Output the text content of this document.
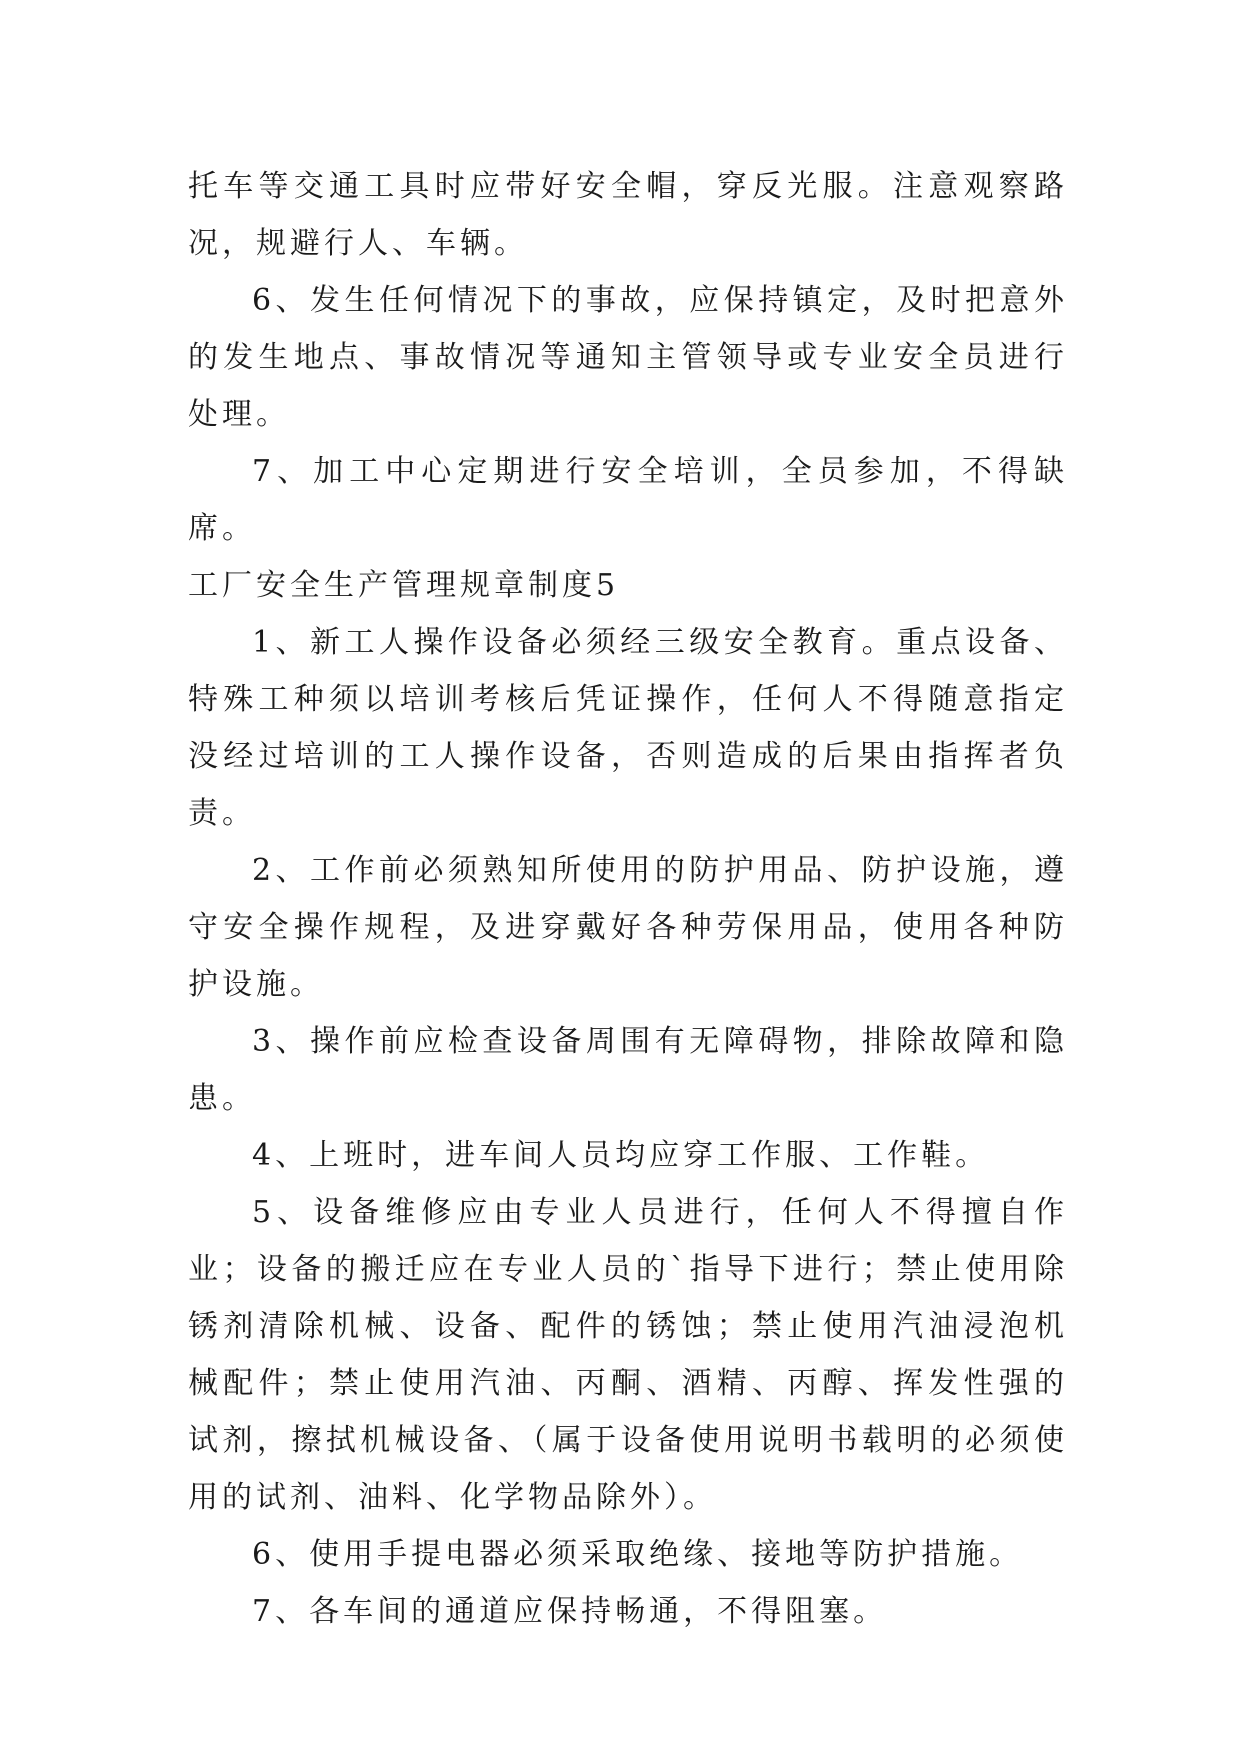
托车等交通工具时应带好安全帽，穿反光服。注意观察路况，规避行人、车辆。

6、发生任何情况下的事故，应保持镇定，及时把意外的发生地点、事故情况等通知主管领导或专业安全员进行处理。

7、加工中心定期进行安全培训，全员参加，不得缺席。

工厂安全生产管理规章制度5

1、新工人操作设备必须经三级安全教育。重点设备、特殊工种须以培训考核后凭证操作，任何人不得随意指定没经过培训的工人操作设备，否则造成的后果由指挥者负责。

2、工作前必须熟知所使用的防护用品、防护设施，遵守安全操作规程，及进穿戴好各种劳保用品，使用各种防护设施。

3、操作前应检查设备周围有无障碍物，排除故障和隐患。

4、上班时，进车间人员均应穿工作服、工作鞋。

5、设备维修应由专业人员进行，任何人不得擅自作业；设备的搬迁应在专业人员的`指导下进行；禁止使用除锈剂清除机械、设备、配件的锈蚀；禁止使用汽油浸泡机械配件；禁止使用汽油、丙酮、酒精、丙醇、挥发性强的试剂，擦拭机械设备、（属于设备使用说明书载明的必须使用的试剂、油料、化学物品除外）。

6、使用手提电器必须采取绝缘、接地等防护措施。

7、各车间的通道应保持畅通，不得阻塞。
